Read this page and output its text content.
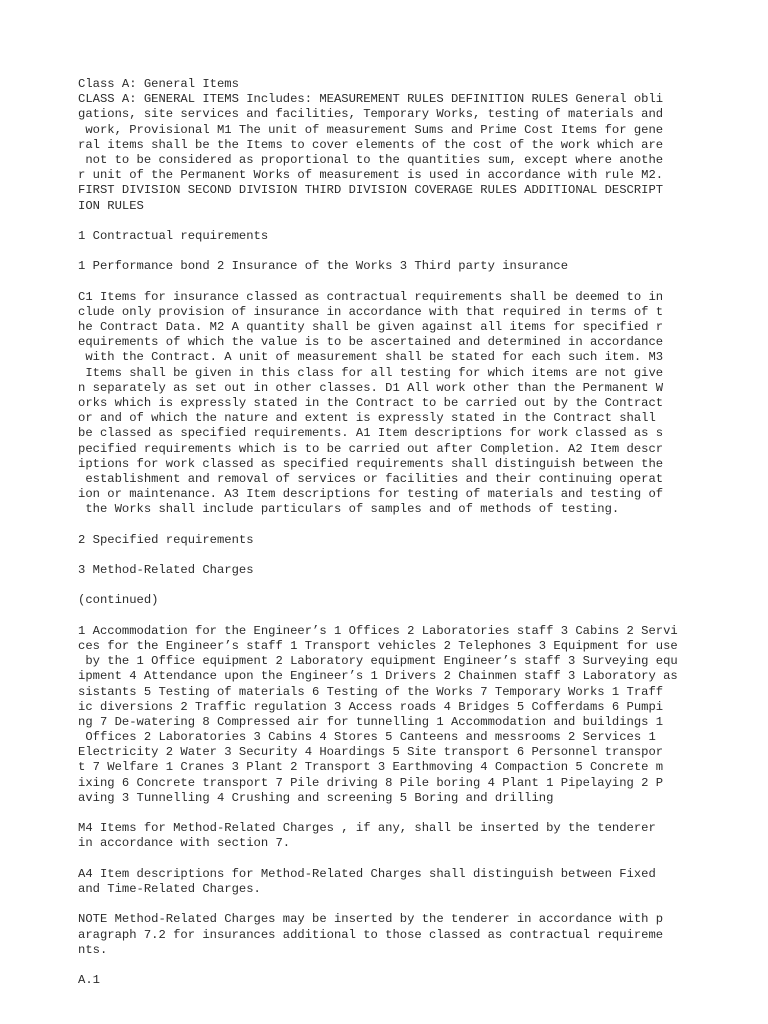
Class A: General Items
CLASS A: GENERAL ITEMS Includes: MEASUREMENT RULES DEFINITION RULES General obli
gations, site services and facilities, Temporary Works, testing of materials and
work, Provisional M1 The unit of measurement Sums and Prime Cost Items for gene
ral items shall be the Items to cover elements of the cost of the work which are
not to be considered as proportional to the quantities sum, except where anothe
r unit of the Permanent Works of measurement is used in accordance with rule M2.
FIRST DIVISION SECOND DIVISION THIRD DIVISION COVERAGE RULES ADDITIONAL DESCRIPT
ION RULES
1 Contractual requirements
1 Performance bond 2 Insurance of the Works 3 Third party insurance
C1 Items for insurance classed as contractual requirements shall be deemed to in
clude only provision of insurance in accordance with that required in terms of t
he Contract Data. M2 A quantity shall be given against all items for specified r
equirements of which the value is to be ascertained and determined in accordance
with the Contract. A unit of measurement shall be stated for each such item. M3
Items shall be given in this class for all testing for which items are not give
n separately as set out in other classes. D1 All work other than the Permanent W
orks which is expressly stated in the Contract to be carried out by the Contract
or and of which the nature and extent is expressly stated in the Contract shall
be classed as specified requirements. A1 Item descriptions for work classed as s
pecified requirements which is to be carried out after Completion. A2 Item descr
iptions for work classed as specified requirements shall distinguish between the
establishment and removal of services or facilities and their continuing operat
ion or maintenance. A3 Item descriptions for testing of materials and testing of
the Works shall include particulars of samples and of methods of testing.
2 Specified requirements
3 Method-Related Charges
(continued)
1 Accommodation for the Engineer’s 1 Offices 2 Laboratories staff 3 Cabins 2 Servi
ces for the Engineer’s staff 1 Transport vehicles 2 Telephones 3 Equipment for use
by the 1 Office equipment 2 Laboratory equipment Engineer’s staff 3 Surveying equ
ipment 4 Attendance upon the Engineer’s 1 Drivers 2 Chainmen staff 3 Laboratory as
sistants 5 Testing of materials 6 Testing of the Works 7 Temporary Works 1 Traff
ic diversions 2 Traffic regulation 3 Access roads 4 Bridges 5 Cofferdams 6 Pumpi
ng 7 De-watering 8 Compressed air for tunnelling 1 Accommodation and buildings 1
Offices 2 Laboratories 3 Cabins 4 Stores 5 Canteens and messrooms 2 Services 1
Electricity 2 Water 3 Security 4 Hoardings 5 Site transport 6 Personnel transpor
t 7 Welfare 1 Cranes 3 Plant 2 Transport 3 Earthmoving 4 Compaction 5 Concrete m
ixing 6 Concrete transport 7 Pile driving 8 Pile boring 4 Plant 1 Pipelaying 2 P
aving 3 Tunnelling 4 Crushing and screening 5 Boring and drilling
M4 Items for Method-Related Charges , if any, shall be inserted by the tenderer
in accordance with section 7.
A4 Item descriptions for Method-Related Charges shall distinguish between Fixed
and Time-Related Charges.
NOTE Method-Related Charges may be inserted by the tenderer in accordance with p
aragraph 7.2 for insurances additional to those classed as contractual requireme
nts.
A.1
